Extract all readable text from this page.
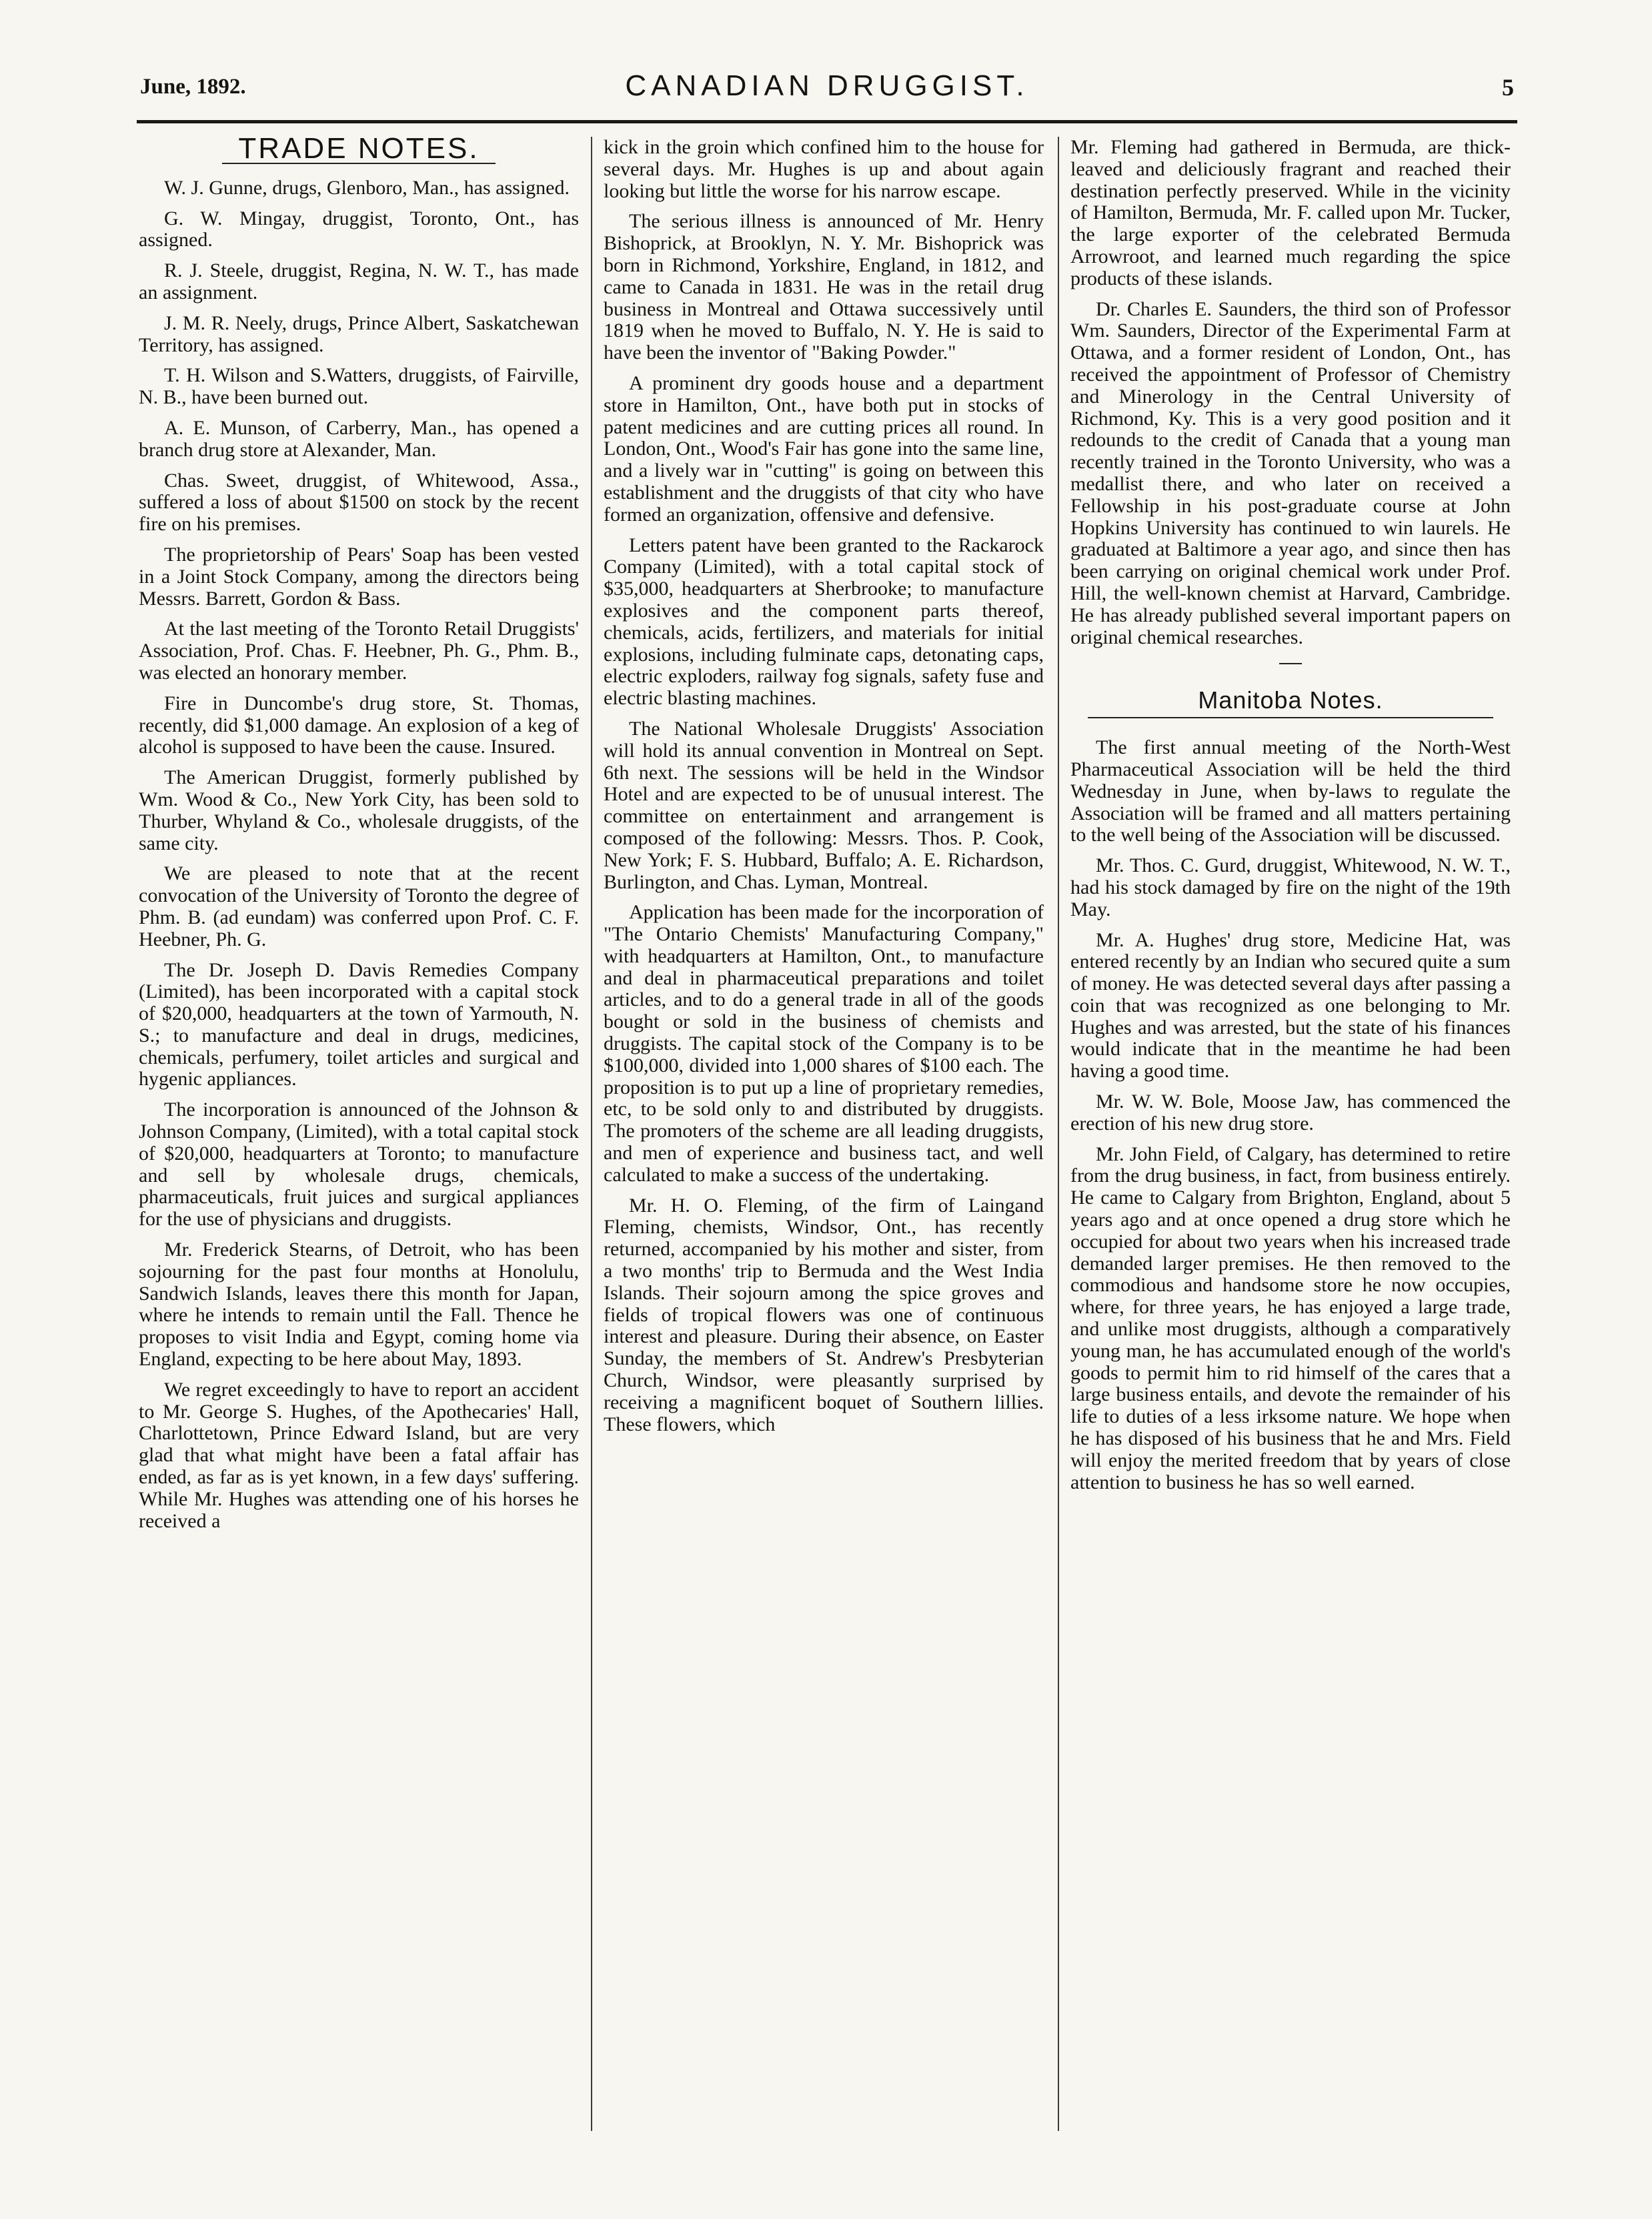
June, 1892.	CANADIAN DRUGGIST.	5
TRADE NOTES.

W. J. Gunne, drugs, Glenboro, Man., has assigned.

G. W. Mingay, druggist, Toronto, Ont., has assigned.

R. J. Steele, druggist, Regina, N. W. T., has made an assignment.

J. M. R. Neely, drugs, Prince Albert, Saskatchewan Territory, has assigned.

T. H. Wilson and S.Watters, druggists, of Fairville, N. B., have been burned out.

A. E. Munson, of Carberry, Man., has opened a branch drug store at Alexander, Man.

Chas. Sweet, druggist, of Whitewood, Assa., suffered a loss of about $1500 on stock by the recent fire on his premises.

The proprietorship of Pears' Soap has been vested in a Joint Stock Company, among the directors being Messrs. Barrett, Gordon & Bass.

At the last meeting of the Toronto Retail Druggists' Association, Prof. Chas. F. Heebner, Ph. G., Phm. B., was elected an honorary member.

Fire in Duncombe's drug store, St. Thomas, recently, did $1,000 damage. An explosion of a keg of alcohol is supposed to have been the cause. Insured.

The American Druggist, formerly published by Wm. Wood & Co., New York City, has been sold to Thurber, Whyland & Co., wholesale druggists, of the same city.

We are pleased to note that at the recent convocation of the University of Toronto the degree of Phm. B. (ad eundam) was conferred upon Prof. C. F. Heebner, Ph. G.

The Dr. Joseph D. Davis Remedies Company (Limited), has been incorporated with a capital stock of $20,000, headquarters at the town of Yarmouth, N. S.; to manufacture and deal in drugs, medicines, chemicals, perfumery, toilet articles and surgical and hygenic appliances.

The incorporation is announced of the Johnson & Johnson Company, (Limited), with a total capital stock of $20,000, headquarters at Toronto; to manufacture and sell by wholesale drugs, chemicals, pharmaceuticals, fruit juices and surgical appliances for the use of physicians and druggists.

Mr. Frederick Stearns, of Detroit, who has been sojourning for the past four months at Honolulu, Sandwich Islands, leaves there this month for Japan, where he intends to remain until the Fall. Thence he proposes to visit India and Egypt, coming home via England, expecting to be here about May, 1893.

We regret exceedingly to have to report an accident to Mr. George S. Hughes, of the Apothecaries' Hall, Charlottetown, Prince Edward Island, but are very glad that what might have been a fatal affair has ended, as far as is yet known, in a few days' suffering. While Mr. Hughes was attending one of his horses he received a

kick in the groin which confined him to the house for several days. Mr. Hughes is up and about again looking but little the worse for his narrow escape.

The serious illness is announced of Mr. Henry Bishoprick, at Brooklyn, N. Y. Mr. Bishoprick was born in Richmond, Yorkshire, England, in 1812, and came to Canada in 1831. He was in the retail drug business in Montreal and Ottawa successively until 1819 when he moved to Buffalo, N. Y. He is said to have been the inventor of "Baking Powder."

A prominent dry goods house and a department store in Hamilton, Ont., have both put in stocks of patent medicines and are cutting prices all round. In London, Ont., Wood's Fair has gone into the same line, and a lively war in "cutting" is going on between this establishment and the druggists of that city who have formed an organization, offensive and defensive.

Letters patent have been granted to the Rackarock Company (Limited), with a total capital stock of $35,000, headquarters at Sherbrooke; to manufacture explosives and the component parts thereof, chemicals, acids, fertilizers, and materials for initial explosions, including fulminate caps, detonating caps, electric exploders, railway fog signals, safety fuse and electric blasting machines.

The National Wholesale Druggists' Association will hold its annual convention in Montreal on Sept. 6th next. The sessions will be held in the Windsor Hotel and are expected to be of unusual interest. The committee on entertainment and arrangement is composed of the following: Messrs. Thos. P. Cook, New York; F. S. Hubbard, Buffalo; A. E. Richardson, Burlington, and Chas. Lyman, Montreal.

Application has been made for the incorporation of "The Ontario Chemists' Manufacturing Company," with headquarters at Hamilton, Ont., to manufacture and deal in pharmaceutical preparations and toilet articles, and to do a general trade in all of the goods bought or sold in the business of chemists and druggists. The capital stock of the Company is to be $100,000, divided into 1,000 shares of $100 each. The proposition is to put up a line of proprietary remedies, etc, to be sold only to and distributed by druggists. The promoters of the scheme are all leading druggists, and men of experience and business tact, and well calculated to make a success of the undertaking.

Mr. H. O. Fleming, of the firm of Laingand Fleming, chemists, Windsor, Ont., has recently returned, accompanied by his mother and sister, from a two months' trip to Bermuda and the West India Islands. Their sojourn among the spice groves and fields of tropical flowers was one of continuous interest and pleasure. During their absence, on Easter Sunday, the members of St. Andrew's Presbyterian Church, Windsor, were pleasantly surprised by receiving a magnificent boquet of Southern lillies. These flowers, which

Mr. Fleming had gathered in Bermuda, are thick-leaved and deliciously fragrant and reached their destination perfectly preserved. While in the vicinity of Hamilton, Bermuda, Mr. F. called upon Mr. Tucker, the large exporter of the celebrated Bermuda Arrowroot, and learned much regarding the spice products of these islands.

Dr. Charles E. Saunders, the third son of Professor Wm. Saunders, Director of the Experimental Farm at Ottawa, and a former resident of London, Ont., has received the appointment of Professor of Chemistry and Minerology in the Central University of Richmond, Ky. This is a very good position and it redounds to the credit of Canada that a young man recently trained in the Toronto University, who was a medallist there, and who later on received a Fellowship in his post-graduate course at John Hopkins University has continued to win laurels. He graduated at Baltimore a year ago, and since then has been carrying on original chemical work under Prof. Hill, the well-known chemist at Harvard, Cambridge. He has already published several important papers on original chemical researches.

Manitoba Notes.

The first annual meeting of the North-West Pharmaceutical Association will be held the third Wednesday in June, when by-laws to regulate the Association will be framed and all matters pertaining to the well being of the Association will be discussed.

Mr. Thos. C. Gurd, druggist, Whitewood, N. W. T., had his stock damaged by fire on the night of the 19th May.

Mr. A. Hughes' drug store, Medicine Hat, was entered recently by an Indian who secured quite a sum of money. He was detected several days after passing a coin that was recognized as one belonging to Mr. Hughes and was arrested, but the state of his finances would indicate that in the meantime he had been having a good time.

Mr. W. W. Bole, Moose Jaw, has commenced the erection of his new drug store.

Mr. John Field, of Calgary, has determined to retire from the drug business, in fact, from business entirely. He came to Calgary from Brighton, England, about 5 years ago and at once opened a drug store which he occupied for about two years when his increased trade demanded larger premises. He then removed to the commodious and handsome store he now occupies, where, for three years, he has enjoyed a large trade, and unlike most druggists, although a comparatively young man, he has accumulated enough of the world's goods to permit him to rid himself of the cares that a large business entails, and devote the remainder of his life to duties of a less irksome nature. We hope when he has disposed of his business that he and Mrs. Field will enjoy the merited freedom that by years of close attention to business he has so well earned.
